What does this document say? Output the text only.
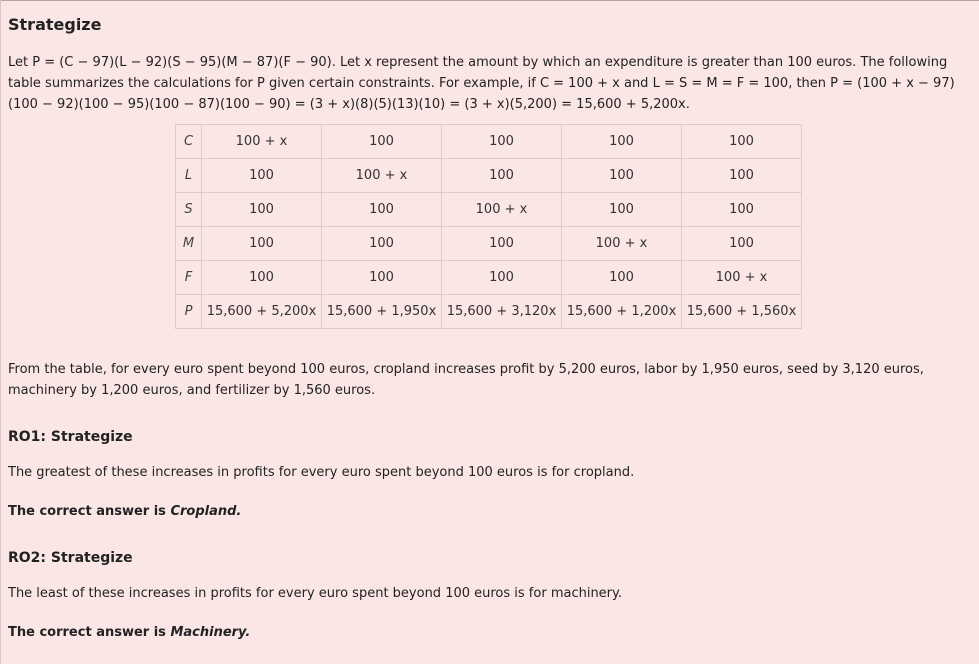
Strategize

Let P = (C − 97)(L − 92)(S − 95)(M − 87)(F − 90). Let x represent the amount by which an expenditure is greater than 100 euros. The following table summarizes the calculations for P given certain constraints. For example, if C = 100 + x and L = S = M = F = 100, then P = (100 + x − 97)(100 − 92)(100 − 95)(100 − 87)(100 − 90) = (3 + x)(8)(5)(13)(10) = (3 + x)(5,200) = 15,600 + 5,200x.

C	100 + x	100	100	100	100
L	100	100 + x	100	100	100
S	100	100	100 + x	100	100
M	100	100	100	100 + x	100
F	100	100	100	100	100 + x
P	15,600 + 5,200x	15,600 + 1,950x	15,600 + 3,120x	15,600 + 1,200x	15,600 + 1,560x

From the table, for every euro spent beyond 100 euros, cropland increases profit by 5,200 euros, labor by 1,950 euros, seed by 3,120 euros, machinery by 1,200 euros, and fertilizer by 1,560 euros.

RO1: Strategize

The greatest of these increases in profits for every euro spent beyond 100 euros is for cropland.

The correct answer is Cropland.

RO2: Strategize

The least of these increases in profits for every euro spent beyond 100 euros is for machinery.

The correct answer is Machinery.
